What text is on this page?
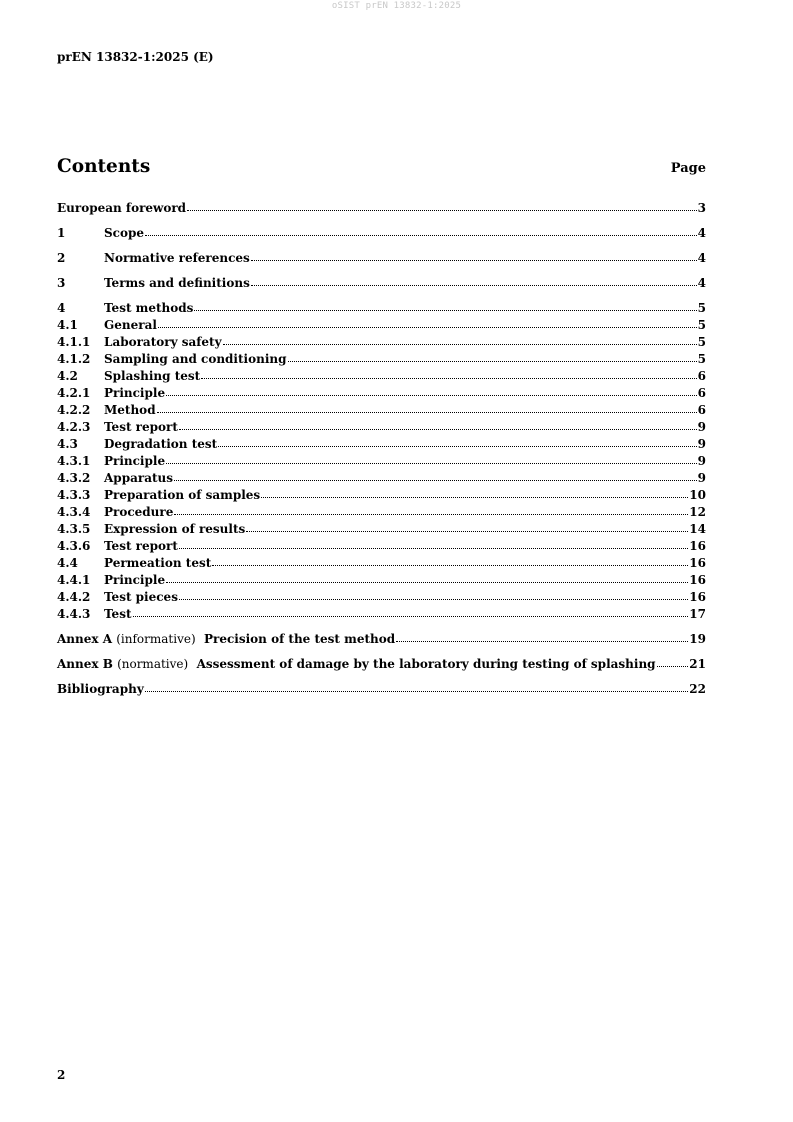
oSIST prEN 13832-1:2025
prEN 13832-1:2025 (E)
Contents	Page
European foreword	3
1	Scope	4
2	Normative references	4
3	Terms and definitions	4
4	Test methods	5
4.1 General	5
4.1.1 Laboratory safety	5
4.1.2 Sampling and conditioning	5
4.2 Splashing test	6
4.2.1 Principle	6
4.2.2 Method	6
4.2.3 Test report	9
4.3 Degradation test	9
4.3.1 Principle	9
4.3.2 Apparatus	9
4.3.3 Preparation of samples	10
4.3.4 Procedure	12
4.3.5 Expression of results	14
4.3.6 Test report	16
4.4 Permeation test	16
4.4.1 Principle	16
4.4.2 Test pieces	16
4.4.3 Test	17
Annex A (informative) Precision of the test method	19
Annex B (normative) Assessment of damage by the laboratory during testing of splashing	21
Bibliography	22
2
